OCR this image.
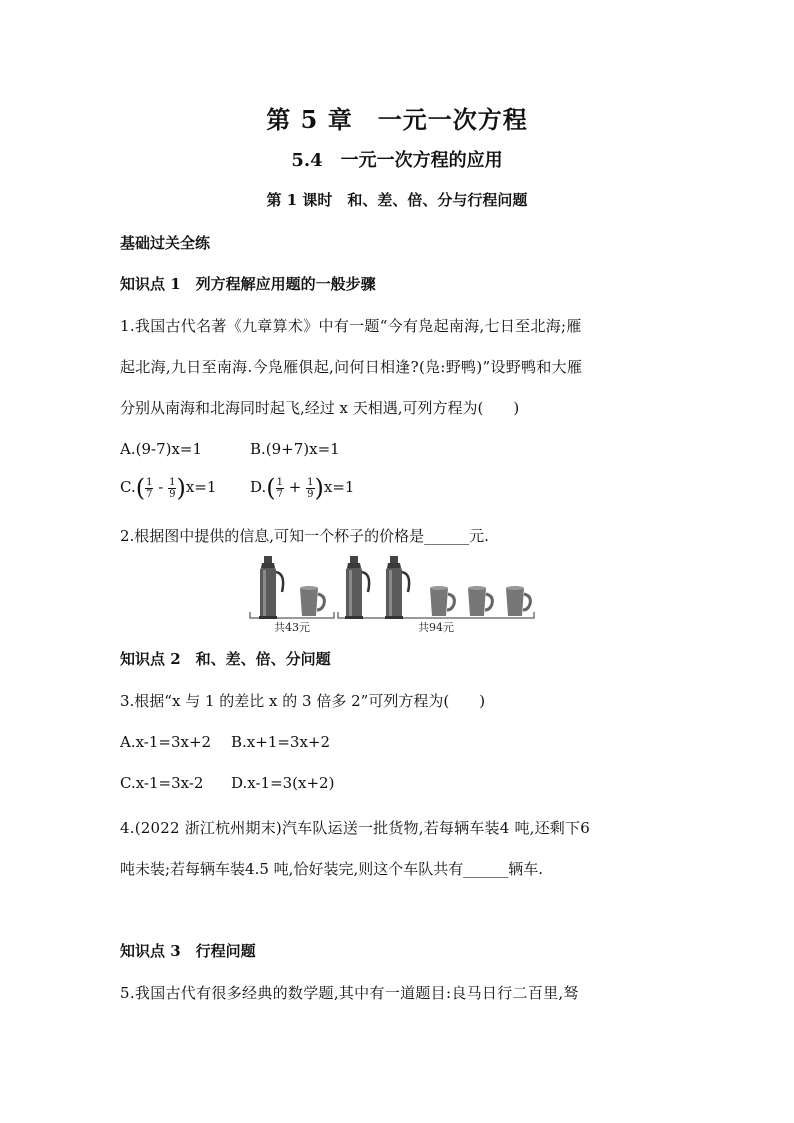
第 5 章　一元一次方程
5.4　一元一次方程的应用
第 1 课时　和、差、倍、分与行程问题
基础过关全练
知识点 1　列方程解应用题的一般步骤
1.我国古代名著《九章算术》中有一题“今有凫起南海,七日至北海;雁
起北海,九日至南海.今凫雁俱起,问何日相逢?(凫:野鸭)”设野鸭和大雁
分别从南海和北海同时起飞,经过 x 天相遇,可列方程为(　　)
A.(9-7)x=1	B.(9+7)x=1
$C.( \frac{1}{7} - \frac{1}{9} )x=1$ $D.( \frac{1}{7} + \frac{1}{9} )x=1$
2.根据图中提供的信息,可知一个杯子的价格是______元.
共43元	共94元
知识点 2　和、差、倍、分问题
3.根据“x 与 1 的差比 x 的 3 倍多 2”可列方程为(　　)
A.x-1=3x+2 B.x+1=3x+2
C.x-1=3x-2 D.x-1=3(x+2)
4.(2022 浙江杭州期末)汽车队运送一批货物,若每辆车装4 吨,还剩下6
吨未装;若每辆车装4.5 吨,恰好装完,则这个车队共有______辆车.
知识点 3　行程问题
5.我国古代有很多经典的数学题,其中有一道题目:良马日行二百里,驽
